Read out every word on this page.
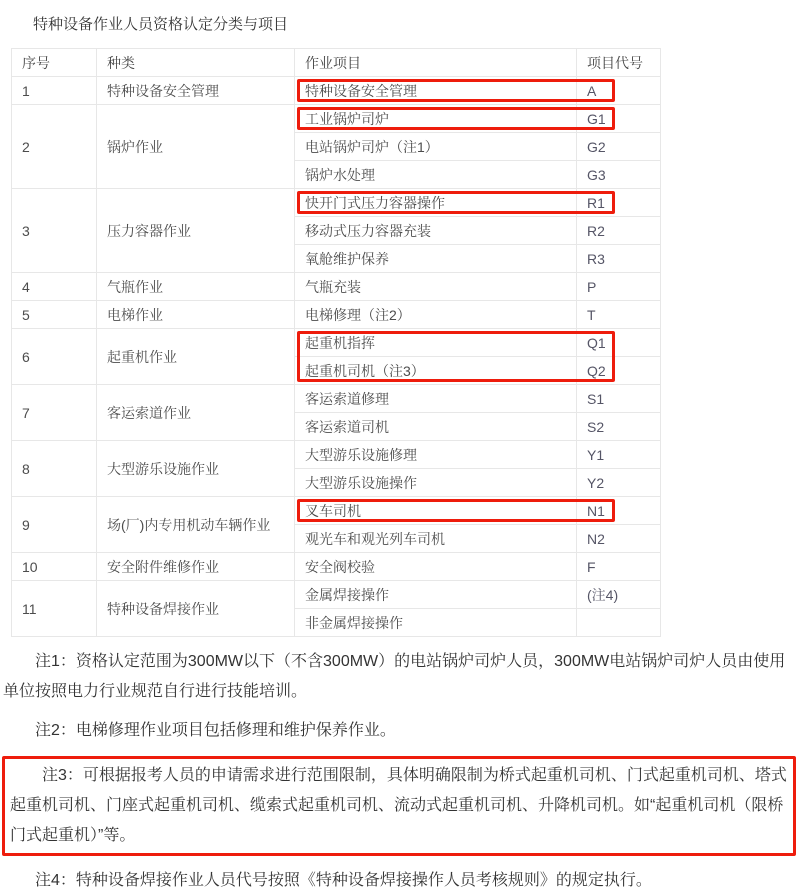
特种设备作业人员资格认定分类与项目
序号	种类	作业项目	项目代号
1	特种设备安全管理	特种设备安全管理	A
2	锅炉作业	工业锅炉司炉	G1
		电站锅炉司炉（注1）	G2
		锅炉水处理	G3
3	压力容器作业	快开门式压力容器操作	R1
		移动式压力容器充装	R2
		氧舱维护保养	R3
4	气瓶作业	气瓶充装	P
5	电梯作业	电梯修理（注2）	T
6	起重机作业	起重机指挥	Q1
		起重机司机（注3）	Q2
7	客运索道作业	客运索道修理	S1
		客运索道司机	S2
8	大型游乐设施作业	大型游乐设施修理	Y1
		大型游乐设施操作	Y2
9	场(厂)内专用机动车辆作业	叉车司机	N1
		观光车和观光列车司机	N2
10	安全附件维修作业	安全阀校验	F
11	特种设备焊接作业	金属焊接操作	(注4)
		非金属焊接操作	
注1：资格认定范围为300MW以下（不含300MW）的电站锅炉司炉人员，300MW电站锅炉司炉人员由使用单位按照电力行业规范自行进行技能培训。
注2：电梯修理作业项目包括修理和维护保养作业。
注3：可根据报考人员的申请需求进行范围限制，具体明确限制为桥式起重机司机、门式起重机司机、塔式起重机司机、门座式起重机司机、缆索式起重机司机、流动式起重机司机、升降机司机。如“起重机司机（限桥门式起重机）”等。
注4：特种设备焊接作业人员代号按照《特种设备焊接操作人员考核规则》的规定执行。
